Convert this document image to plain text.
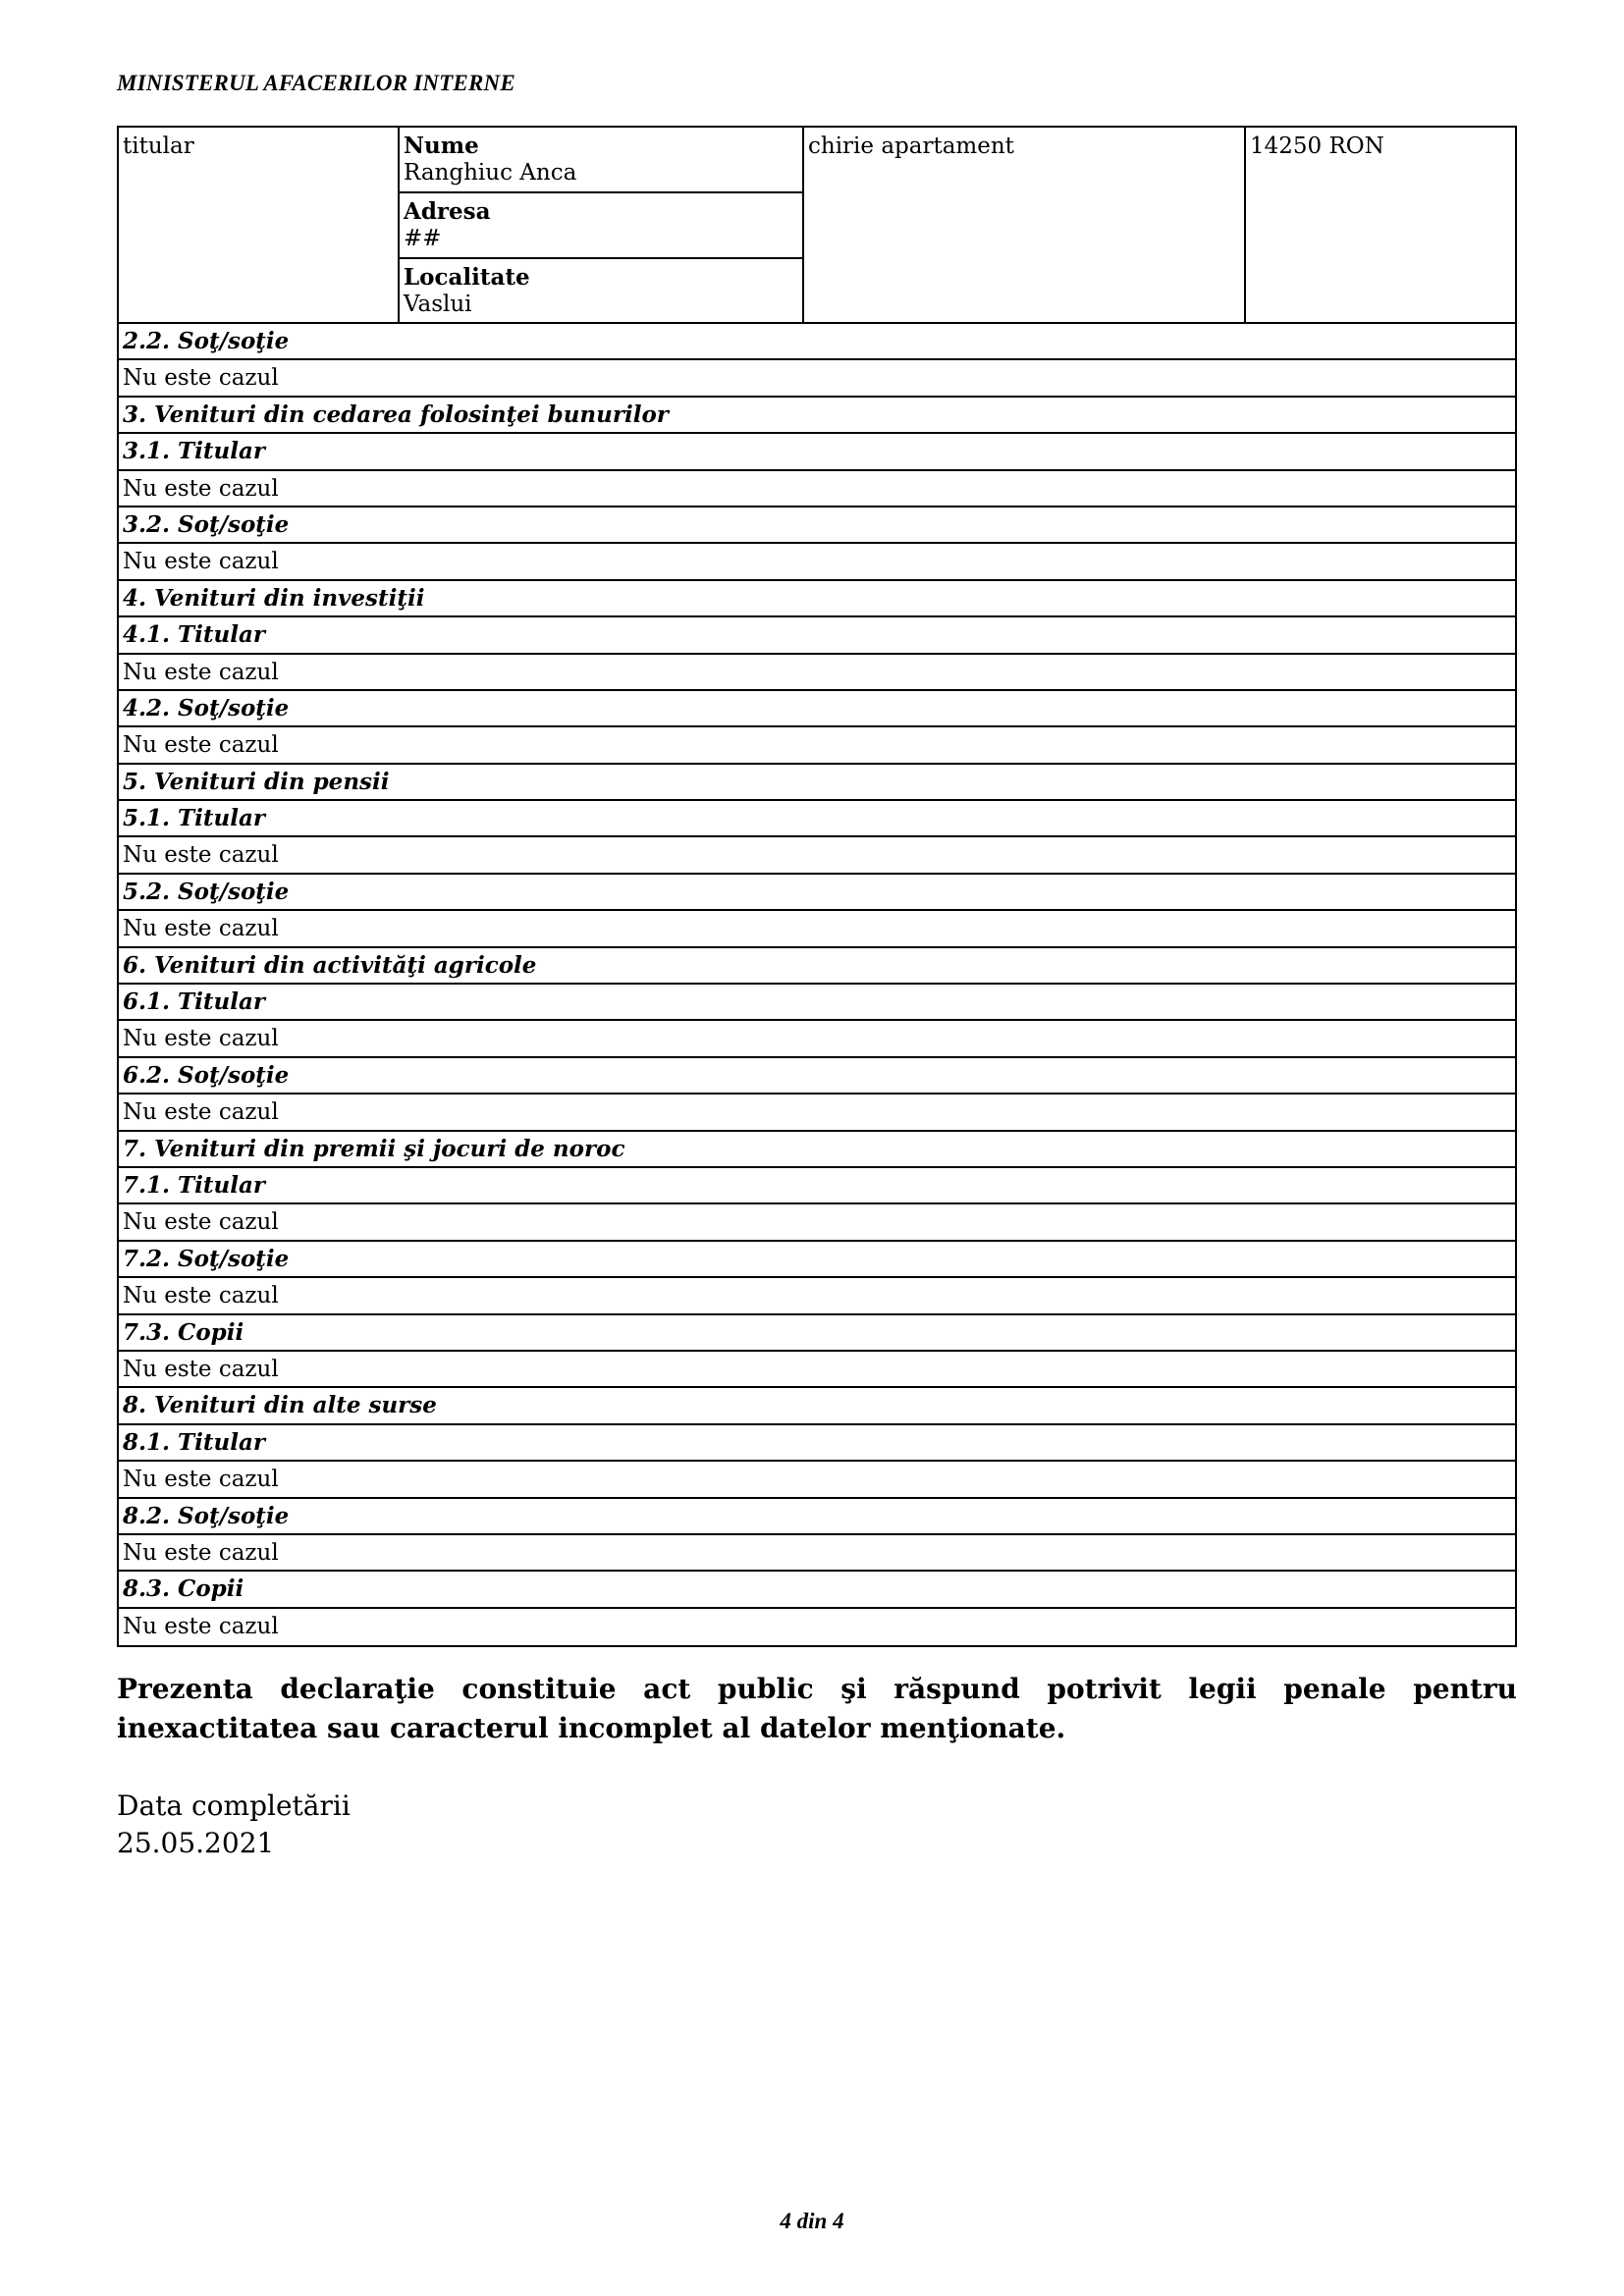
MINISTERUL AFACERILOR INTERNE
titular	Nume
Ranghiuc Anca
Adresa
##
Localitate
Vaslui
chirie apartament	14250 RON
2.2. Soţ/soţie
Nu este cazul
3. Venituri din cedarea folosinţei bunurilor
3.1. Titular
Nu este cazul
3.2. Soţ/soţie
Nu este cazul
4. Venituri din investiţii
4.1. Titular
Nu este cazul
4.2. Soţ/soţie
Nu este cazul
5. Venituri din pensii
5.1. Titular
Nu este cazul
5.2. Soţ/soţie
Nu este cazul
6. Venituri din activităţi agricole
6.1. Titular
Nu este cazul
6.2. Soţ/soţie
Nu este cazul
7. Venituri din premii şi jocuri de noroc
7.1. Titular
Nu este cazul
7.2. Soţ/soţie
Nu este cazul
7.3. Copii
Nu este cazul
8. Venituri din alte surse
8.1. Titular
Nu este cazul
8.2. Soţ/soţie
Nu este cazul
8.3. Copii
Nu este cazul
Prezenta declaraţie constituie act public şi răspund potrivit legii penale pentru inexactitatea sau caracterul incomplet al datelor menţionate.
Data completării
25.05.2021
4 din 4
